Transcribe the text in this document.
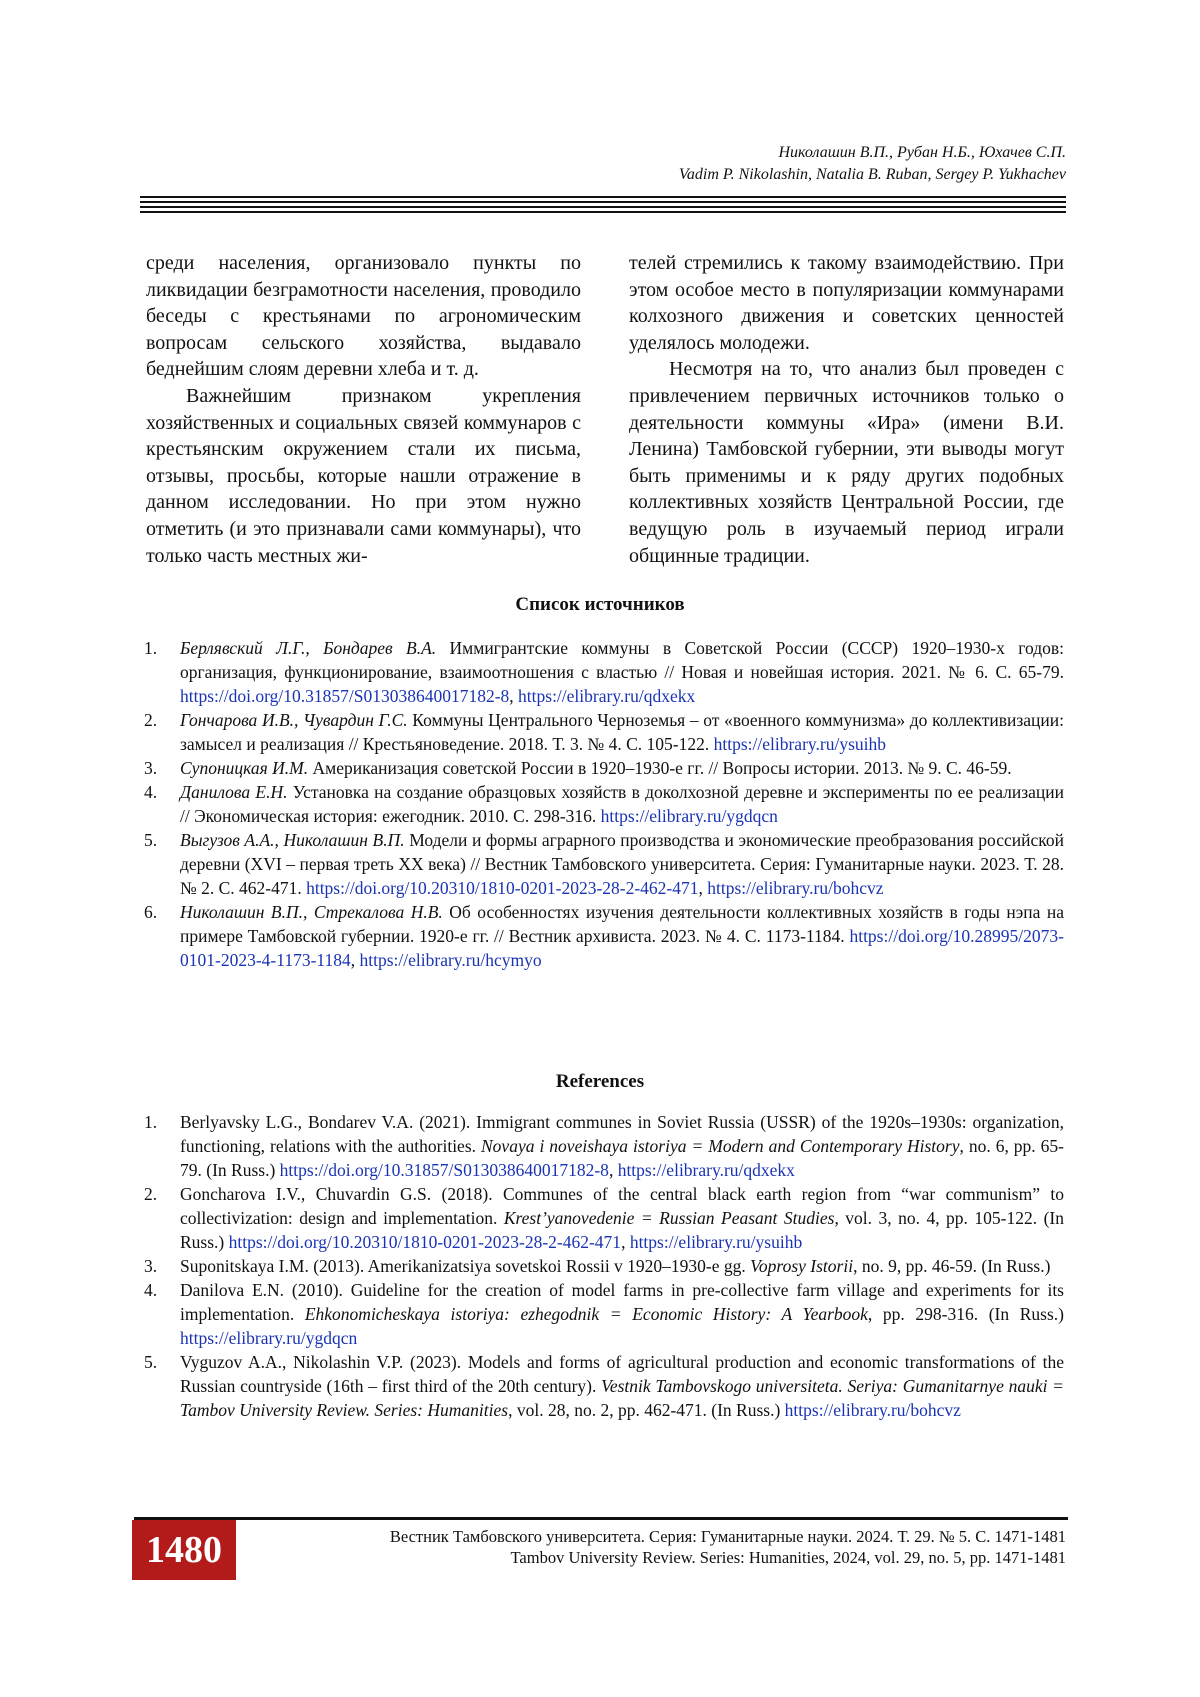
Николашин В.П., Рубан Н.Б., Юхачев С.П.
Vadim P. Nikolashin, Natalia B. Ruban, Sergey P. Yukhachev

среди населения, организовало пункты по ликвидации безграмотности населения, проводило беседы с крестьянами по агрономическим вопросам сельского хозяйства, выдавало беднейшим слоям деревни хлеба и т. д.

Важнейшим признаком укрепления хозяйственных и социальных связей коммунаров с крестьянским окружением стали их письма, отзывы, просьбы, которые нашли отражение в данном исследовании. Но при этом нужно отметить (и это признавали сами коммунары), что только часть местных жи-

телей стремились к такому взаимодействию. При этом особое место в популяризации коммунарами колхозного движения и советских ценностей уделялось молодежи.

Несмотря на то, что анализ был проведен с привлечением первичных источников только о деятельности коммуны «Ира» (имени В.И. Ленина) Тамбовской губернии, эти выводы могут быть применимы и к ряду других подобных коллективных хозяйств Центральной России, где ведущую роль в изучаемый период играли общинные традиции.

Список источников
1. Берлявский Л.Г., Бондарев В.А. Иммигрантские коммуны в Советской России (СССР) 1920–1930-х годов: организация, функционирование, взаимоотношения с властью // Новая и новейшая история. 2021. № 6. С. 65-79. https://doi.org/10.31857/S013038640017182-8, https://elibrary.ru/qdxekx
2. Гончарова И.В., Чувардин Г.С. Коммуны Центрального Черноземья – от «военного коммунизма» до коллективизации: замысел и реализация // Крестьяноведение. 2018. Т. 3. № 4. С. 105-122. https://elibrary.ru/ysuihb
3. Супоницкая И.М. Американизация советской России в 1920–1930-е гг. // Вопросы истории. 2013. № 9. С. 46-59.
4. Данилова Е.Н. Установка на создание образцовых хозяйств в доколхозной деревне и эксперименты по ее реализации // Экономическая история: ежегодник. 2010. С. 298-316. https://elibrary.ru/ygdqcn
5. Выгузов А.А., Николашин В.П. Модели и формы аграрного производства и экономические преобразования российской деревни (XVI – первая треть XX века) // Вестник Тамбовского университета. Серия: Гуманитарные науки. 2023. Т. 28. № 2. С. 462-471. https://doi.org/10.20310/1810-0201-2023-28-2-462-471, https://elibrary.ru/bohcvz
6. Николашин В.П., Стрекалова Н.В. Об особенностях изучения деятельности коллективных хозяйств в годы нэпа на примере Тамбовской губернии. 1920-е гг. // Вестник архивиста. 2023. № 4. С. 1173-1184. https://doi.org/10.28995/2073-0101-2023-4-1173-1184, https://elibrary.ru/hcymyo
References
1. Berlyavsky L.G., Bondarev V.A. (2021). Immigrant communes in Soviet Russia (USSR) of the 1920s–1930s: organization, functioning, relations with the authorities. Novaya i noveishaya istoriya = Modern and Contemporary History, no. 6, pp. 65-79. (In Russ.) https://doi.org/10.31857/S013038640017182-8, https://elibrary.ru/qdxekx
2. Goncharova I.V., Chuvardin G.S. (2018). Communes of the central black earth region from “war communism” to collectivization: design and implementation. Krest’yanovedenie = Russian Peasant Studies, vol. 3, no. 4, pp. 105-122. (In Russ.) https://doi.org/10.20310/1810-0201-2023-28-2-462-471, https://elibrary.ru/ysuihb
3. Suponitskaya I.M. (2013). Amerikanizatsiya sovetskoi Rossii v 1920–1930-e gg. Voprosy Istorii, no. 9, pp. 46-59. (In Russ.)
4. Danilova E.N. (2010). Guideline for the creation of model farms in pre-collective farm village and experiments for its implementation. Ehkonomicheskaya istoriya: ezhegodnik = Economic History: A Yearbook, pp. 298-316. (In Russ.) https://elibrary.ru/ygdqcn
5. Vyguzov A.A., Nikolashin V.P. (2023). Models and forms of agricultural production and economic transformations of the Russian countryside (16th – first third of the 20th century). Vestnik Tambovskogo universiteta. Seriya: Gumanitarnye nauki = Tambov University Review. Series: Humanities, vol. 28, no. 2, pp. 462-471. (In Russ.) https://elibrary.ru/bohcvz
1480	Вестник Тамбовского университета. Серия: Гуманитарные науки. 2024. Т. 29. № 5. С. 1471-1481
Tambov University Review. Series: Humanities, 2024, vol. 29, no. 5, pp. 1471-1481
